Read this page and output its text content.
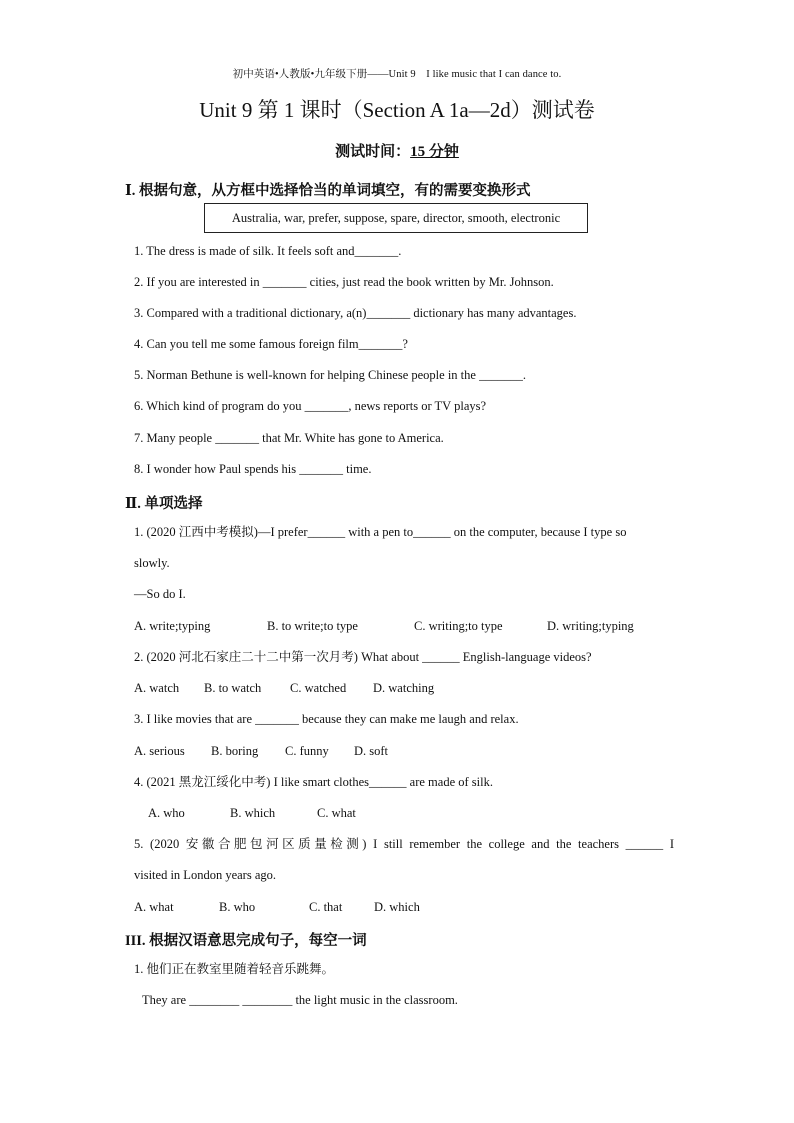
初中英语•人教版•九年级下册——Unit 9　I like music that I can dance to.
Unit 9 第 1 课时（Section A 1a—2d）测试卷
测试时间：15 分钟
Ⅰ. 根据句意，从方框中选择恰当的单词填空，有的需要变换形式
Australia, war, prefer, suppose, spare, director, smooth, electronic
1. The dress is made of silk. It feels soft and_______.
2. If you are interested in _______ cities, just read the book written by Mr. Johnson.
3. Compared with a traditional dictionary, a(n)_______ dictionary has many advantages.
4. Can you tell me some famous foreign film_______?
5. Norman Bethune is well-known for helping Chinese people in the _______.
6. Which kind of program do you _______, news reports or TV plays?
7. Many people _______ that Mr. White has gone to America.
8. I wonder how Paul spends his _______ time.
Ⅱ. 单项选择
1. (2020 江西中考模拟)—I prefer______ with a pen to______ on the computer, because I type so
slowly.
—So do I.
A. write;typing	B. to write;to type	C. writing;to type	D. writing;typing
2. (2020 河北石家庄二十二中第一次月考) What about ______ English-language videos?
A. watch B. to watch C. watched D. watching
3. I like movies that are _______ because they can make me laugh and relax.
A. serious B. boring C. funny D. soft
4. (2021 黑龙江绥化中考) I like smart clothes______ are made of silk.
A. who	B. which	C. what
5. (2020 安徽合肥包河区质量检测) I still remember the college and the teachers ______ I
visited in London years ago.
A. what	B. who	C. that	D. which
III. 根据汉语意思完成句子，每空一词
1. 他们正在教室里随着轻音乐跳舞。
They are ________ ________ the light music in the classroom.
